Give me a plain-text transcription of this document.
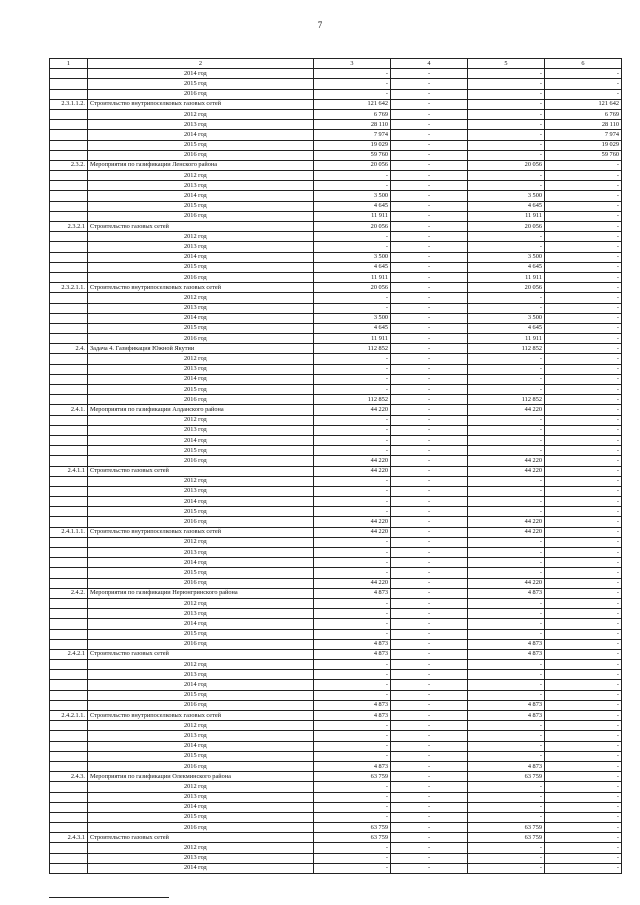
7
1	2	3	4	5	6
	2014 год	-	-	-	-
	2015 год	-	-	-	-
	2016 год	-	-	-	-
2.3.1.1.2.	Строительство внутрипоселковых газовых сетей	121 642	-	-	121 642
	2012 год	6 769	-	-	6 769
	2013 год	28 110	-	-	28 110
	2014 год	7 974	-	-	7 974
	2015 год	19 029	-	-	19 029
	2016 год	59 760	-	-	59 760
2.3.2.	Мероприятия по газификации Ленского района	20 056	-	20 056	-
	2012 год	-	-	-	-
	2013 год	-	-	-	-
	2014 год	3 500	-	3 500	-
	2015 год	4 645	-	4 645	-
	2016 год	11 911	-	11 911	-
2.3.2.1	Строительство газовых сетей	20 056	-	20 056	-
	2012 год	-	-	-	-
	2013 год	-	-	-	-
	2014 год	3 500	-	3 500	-
	2015 год	4 645	-	4 645	-
	2016 год	11 911	-	11 911	-
2.3.2.1.1.	Строительство внутрипоселковых газовых сетей	20 056	-	20 056	-
	2012 год	-	-	-	-
	2013 год	-	-	-	-
	2014 год	3 500	-	3 500	-
	2015 год	4 645	-	4 645	-
	2016 год	11 911	-	11 911	-
2.4.	Задача 4. Газификация Южной Якутии	112 852	-	112 852	-
	2012 год	-	-	-	-
	2013 год	-	-	-	-
	2014 год	-	-	-	-
	2015 год	-	-	-	-
	2016 год	112 852	-	112 852	-
2.4.1.	Мероприятия по газификации Алданского района	44 220	-	44 220	-
	2012 год	-	-	-	-
	2013 год	-	-	-	-
	2014 год	-	-	-	-
	2015 год	-	-	-	-
	2016 год	44 220	-	44 220	-
2.4.1.1	Строительство газовых сетей	44 220	-	44 220	-
	2012 год	-	-	-	-
	2013 год	-	-	-	-
	2014 год	-	-	-	-
	2015 год	-	-	-	-
	2016 год	44 220	-	44 220	-
2.4.1.1.1.	Строительство внутрипоселковых газовых сетей	44 220	-	44 220	-
	2012 год	-	-	-	-
	2013 год	-	-	-	-
	2014 год	-	-	-	-
	2015 год	-	-	-	-
	2016 год	44 220	-	44 220	-
2.4.2.	Мероприятия по газификации Нерюнгринского района	4 873	-	4 873	-
	2012 год	-	-	-	-
	2013 год	-	-	-	-
	2014 год	-	-	-	-
	2015 год	-	-	-	-
	2016 год	4 873	-	4 873	-
2.4.2.1	Строительство газовых сетей	4 873	-	4 873	-
	2012 год	-	-	-	-
	2013 год	-	-	-	-
	2014 год	-	-	-	-
	2015 год	-	-	-	-
	2016 год	4 873	-	4 873	-
2.4.2.1.1.	Строительство внутрипоселковых газовых сетей	4 873	-	4 873	-
	2012 год	-	-	-	-
	2013 год	-	-	-	-
	2014 год	-	-	-	-
	2015 год	-	-	-	-
	2016 год	4 873	-	4 873	-
2.4.3.	Мероприятия по газификации Олекминского района	63 759	-	63 759	-
	2012 год	-	-	-	-
	2013 год	-	-	-	-
	2014 год	-	-	-	-
	2015 год	-	-	-	-
	2016 год	63 759	-	63 759	-
2.4.3.1	Строительство газовых сетей	63 759	-	63 759	-
	2012 год	-	-	-	-
	2013 год	-	-	-	-
	2014 год	-	-	-	-
